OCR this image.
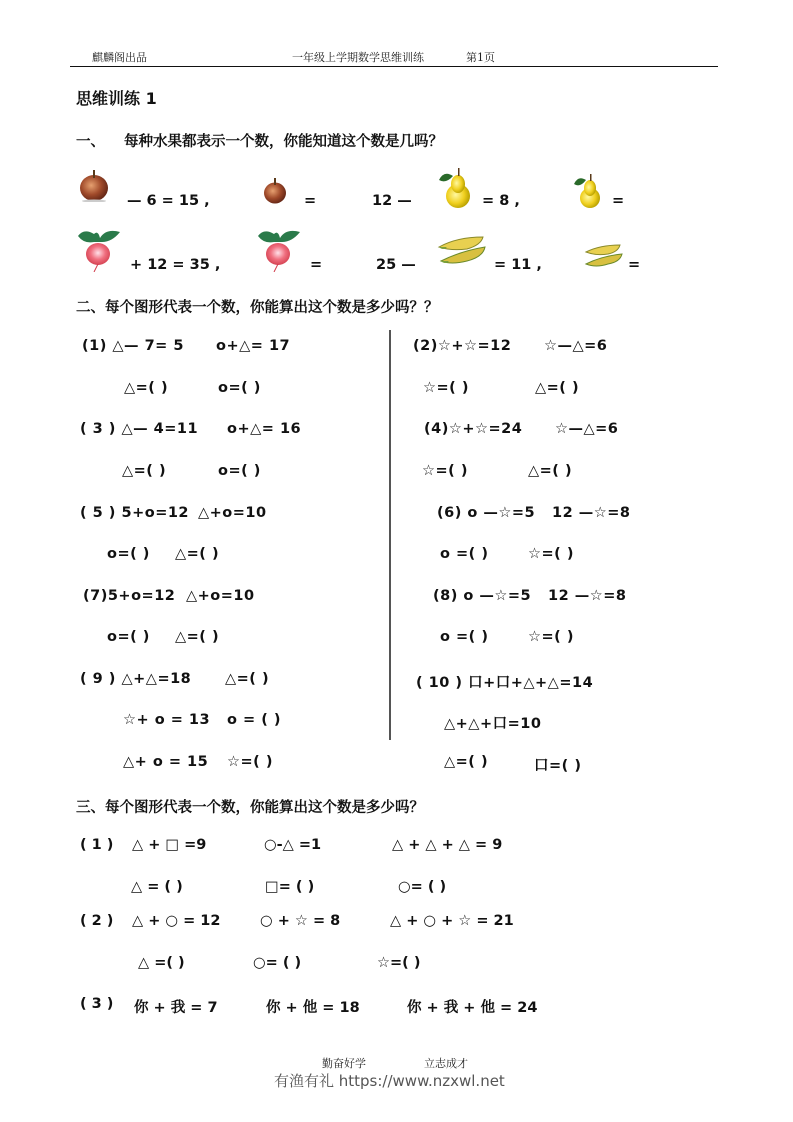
麒麟阁出品	一年级上学期数学思维训练	第1页
思维训练 1
一、 每种水果都表示一个数，你能知道这个数是几吗？
— 6 = 15 ,	=	12 —	= 8 ,	=
+ 12 = 35 ,	=	25 —	= 11 ,	=
二、每个图形代表一个数，你能算出这个数是多少吗？？
(1) △— 7= 5 o+△= 17
△=( )	o=( )
( 3 ) △— 4=11 o+△= 16
△=( )	o=( )
( 5 ) 5+o=12 △+o=10
o=( ) △=( )
(7)5+o=12 △+o=10
o=( ) △=( )
( 9 ) △+△=18 △=( )
☆+ o = 13 o = ( )
△+ o = 15 ☆=( )
(2)☆+☆=12 ☆—△=6
☆=( )	△=( )
(4)☆+☆=24 ☆—△=6
☆=( )	△=( )
(6) o —☆=5 12 —☆=8
o =( )	☆=( )
(8) o —☆=5 12 —☆=8
o =( )	☆=( )
( 10 ) 口+口+△+△=14
△+△+口=10
△=( )	口=( )
三、每个图形代表一个数，你能算出这个数是多少吗？
( 1 ) △ + □ =9	○-△ =1	△ + △ + △ = 9
△ = ( )	□= ( )	○= ( )
( 2 ) △ + ○ = 12	○ + ☆ = 8	△ + ○ + ☆ = 21
△ =( )	○= ( )	☆=( )
( 3 ) 你 + 我 = 7	你 + 他 = 18	你 + 我 + 他 = 24
勤奋好学	立志成才
有渔有礼 https://www.nzxwl.net
